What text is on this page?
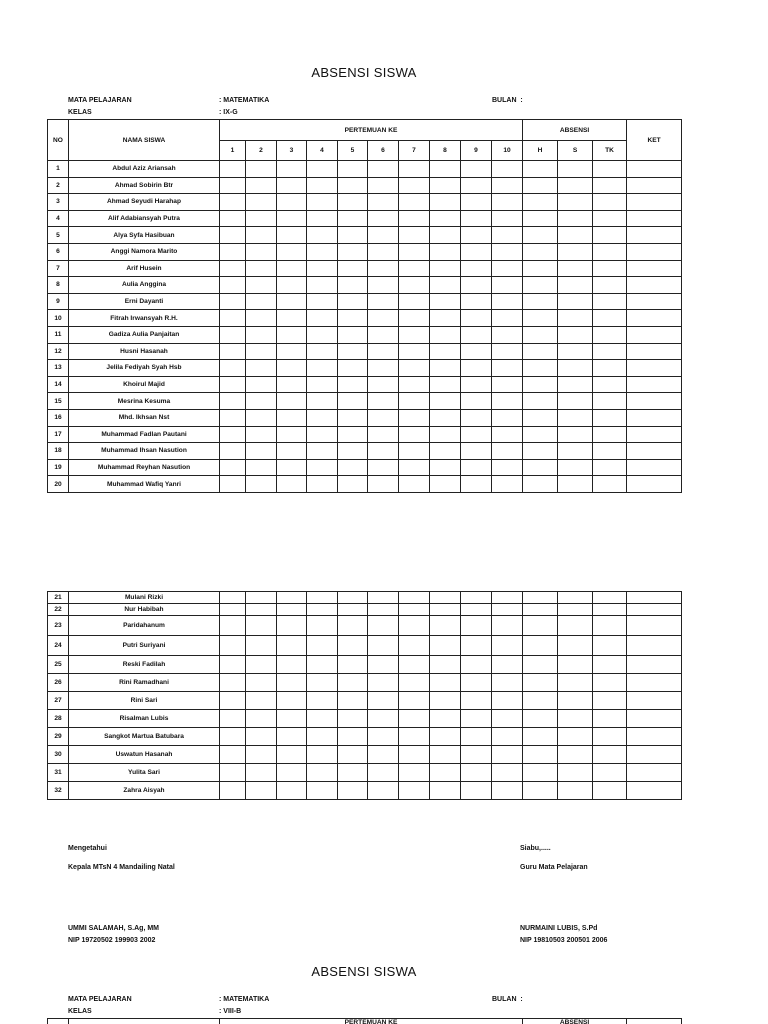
ABSENSI SISWA
MATA PELAJARAN	: MATEMATIKA	BULAN :
KELAS	: IX-G
NO	NAMA SISWA	PERTEMUAN KE										ABSENSI			KET
		1	2	3	4	5	6	7	8	9	10	H	S	TK	
1	Abdul Aziz Ariansah														
2	Ahmad Sobirin Btr														
3	Ahmad Seyudi Harahap														
4	Alif Adabiansyah Putra														
5	Alya Syfa Hasibuan														
6	Anggi Namora Marito														
7	Arif Husein														
8	Aulia Anggina														
9	Erni Dayanti														
10	Fitrah Irwansyah R.H.														
11	Gadiza Aulia Panjaitan														
12	Husni Hasanah														
13	Jelila Fediyah Syah Hsb														
14	Khoirul Majid														
15	Mesrina Kesuma														
16	Mhd. Ikhsan Nst														
17	Muhammad Fadlan Pautani														
18	Muhammad Ihsan Nasution														
19	Muhammad Reyhan Nasution														
20	Muhammad Wafiq Yanri														
21	Mulani Rizki														
22	Nur Habibah														
23	Paridahanum														
24	Putri Suriyani														
25	Reski Fadilah														
26	Rini Ramadhani														
27	Rini Sari														
28	Risalman Lubis														
29	Sangkot Martua Batubara														
30	Uswatun Hasanah														
31	Yulita Sari														
32	Zahra Aisyah														
Mengetahui
Kepala MTsN 4 Mandailing Natal
UMMI SALAMAH, S.Ag, MM
NIP 19720502 199903 2002
Siabu,.....
Guru Mata Pelajaran
NURMAINI LUBIS, S.Pd
NIP 19810503 200501 2006
ABSENSI SISWA
MATA PELAJARAN	: MATEMATIKA	BULAN :
KELAS	: VIII-B
		PERTEMUAN KE	ABSENSI	
